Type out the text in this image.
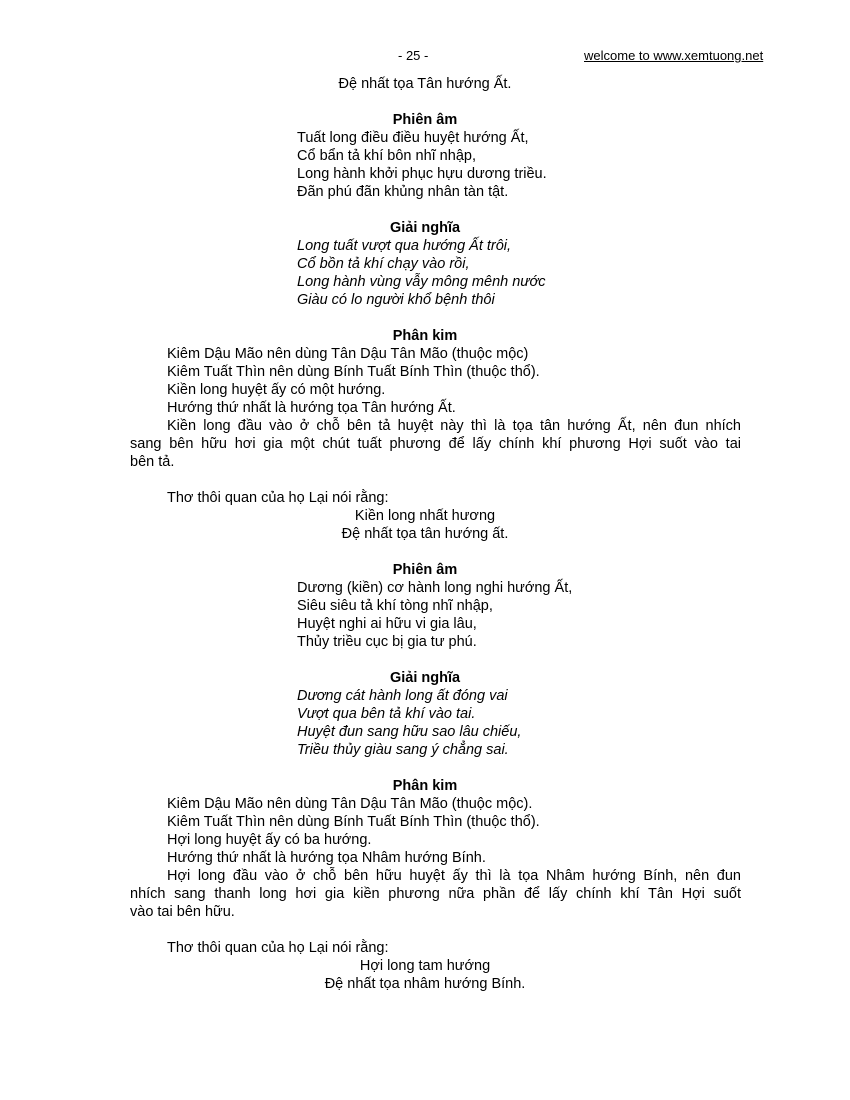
- 25 -	welcome to www.xemtuong.net
Đệ nhất tọa Tân hướng Ất.
Phiên âm
Tuất long điều điều huyệt hướng Ất,
Cổ bẩn tả khí bôn nhĩ nhập,
Long hành khởi phục hựu dương triều.
Đãn phú đãn khủng nhân tàn tật.
Giải nghĩa
Long tuất vượt qua hướng Ất trôi,
Cổ bồn tả khí chạy vào rồi,
Long hành vùng vẫy mông mênh nước
Giàu có lo người khổ bệnh thôi
Phân kim
Kiêm Dậu Mão nên dùng Tân Dậu Tân Mão (thuộc mộc)
Kiêm Tuất Thìn nên dùng Bính Tuất Bính Thìn (thuộc thổ).
Kiền long huyệt ấy có một hướng.
Hướng thứ nhất là hướng tọa Tân hướng Ất.
Kiền long đầu vào ở chỗ bên tả huyệt này thì là tọa tân hướng Ất, nên đun nhích
sang bên hữu hơi gia một chút tuất phương để lấy chính khí phương Hợi suốt vào tai
bên tả.
Thơ thôi quan của họ Lại nói rằng:
Kiền long nhất hương
Đệ nhất tọa tân hướng ất.
Phiên âm
Dương (kiền) cơ hành long nghi hướng Ất,
Siêu siêu tả khí tòng nhĩ nhập,
Huyệt nghi ai hữu vi gia lâu,
Thủy triều cục bị gia tư phú.
Giải nghĩa
Dương cát hành long ất đóng vai
Vượt qua bên tả khí vào tai.
Huyệt đun sang hữu sao lâu chiếu,
Triều thủy giàu sang ý chẳng sai.
Phân kim
Kiêm Dậu Mão nên dùng Tân Dậu Tân Mão (thuộc mộc).
Kiêm Tuất Thìn nên dùng Bính Tuất Bính Thìn (thuộc thổ).
Hợi long huyệt ấy có ba hướng.
Hướng thứ nhất là hướng tọa Nhâm hướng Bính.
Hợi long đầu vào ở chỗ bên hữu huyệt ấy thì là tọa Nhâm hướng Bính, nên đun
nhích sang thanh long hơi gia kiền phương nữa phần để lấy chính khí Tân Hợi suốt
vào tai bên hữu.
Thơ thôi quan của họ Lại nói rằng:
Hợi long tam hướng
Đệ nhất tọa nhâm hướng Bính.
